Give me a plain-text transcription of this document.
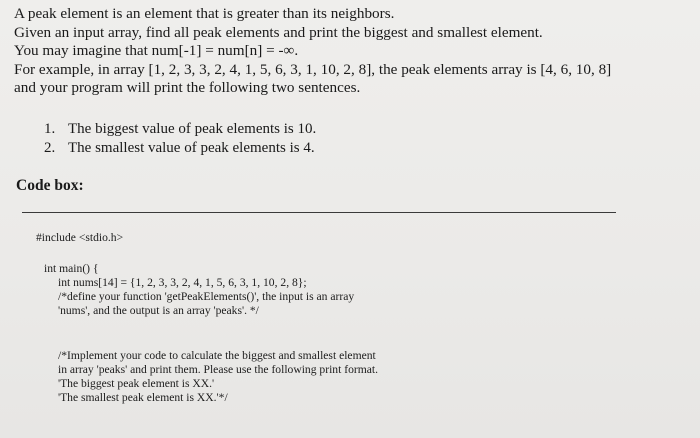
A peak element is an element that is greater than its neighbors.
Given an input array, find all peak elements and print the biggest and smallest element.
You may imagine that num[-1] = num[n] = -∞.
For example, in array [1, 2, 3, 3, 2, 4, 1, 5, 6, 3, 1, 10, 2, 8], the peak elements array is [4, 6, 10, 8]
and your program will print the following two sentences.
1. The biggest value of peak elements is 10.
2. The smallest value of peak elements is 4.
Code box:
#include <stdio.h>
int main() {
int nums[14] = {1, 2, 3, 3, 2, 4, 1, 5, 6, 3, 1, 10, 2, 8};
/*define your function 'getPeakElements()', the input is an array
'nums', and the output is an array 'peaks'. */
/*Implement your code to calculate the biggest and smallest element
in array 'peaks' and print them. Please use the following print format.
'The biggest peak element is XX.'
'The smallest peak element is XX.'*/
